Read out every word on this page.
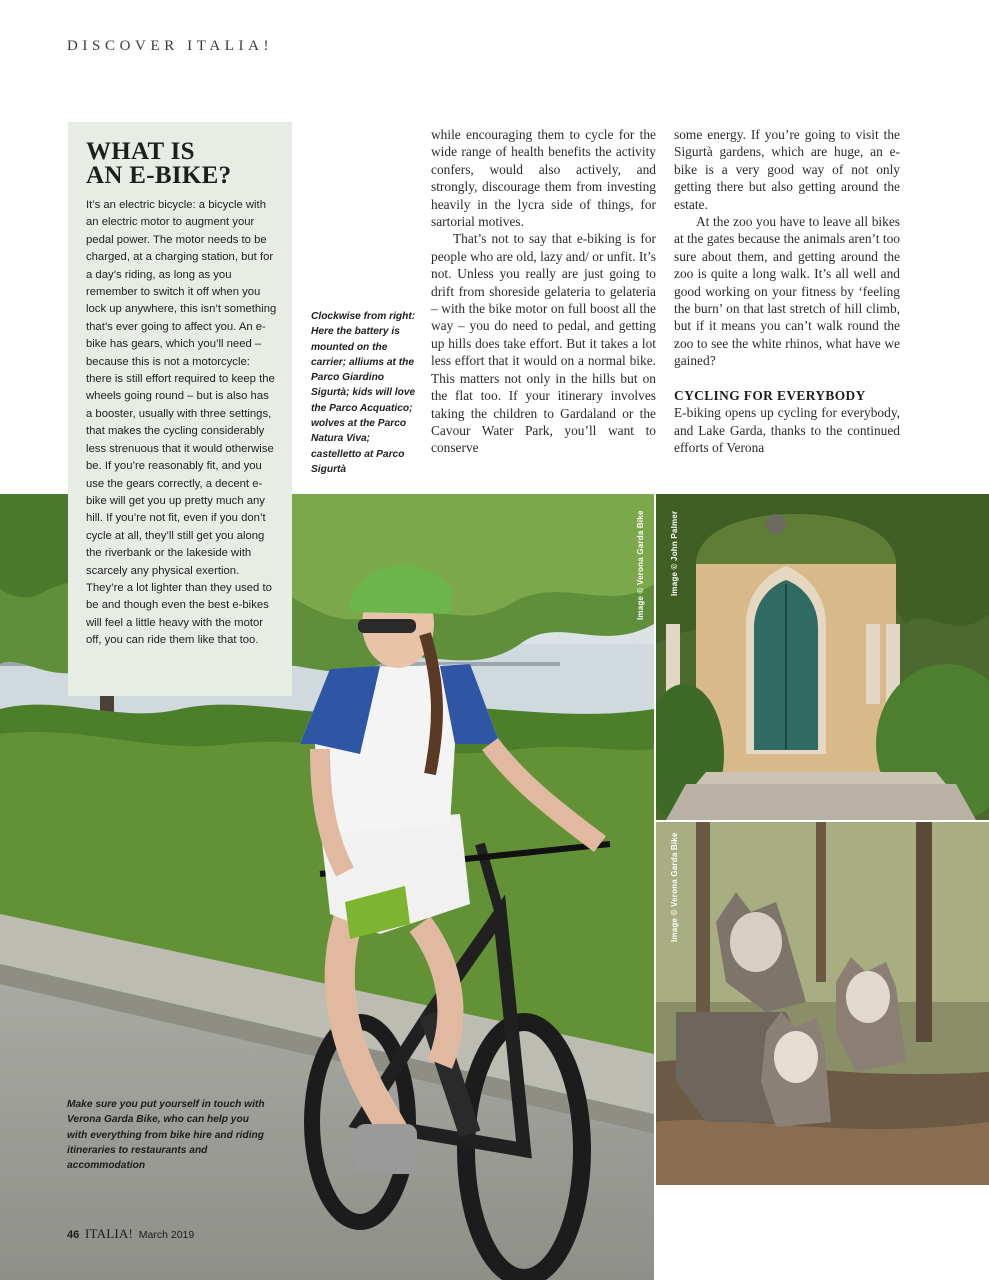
DISCOVER ITALIA!
Image © Verona Garda Bike	Image © John Palmer
Image © Verona Garda Bike
WHAT IS
AN E-BIKE?

It’s an electric bicycle: a bicycle with an electric motor to augment your pedal power. The motor needs to be charged, at a charging station, but for a day’s riding, as long as you remember to switch it off when you lock up anywhere, this isn’t something that’s ever going to affect you. An e-bike has gears, which you’ll need – because this is not a motorcycle: there is still effort required to keep the wheels going round – but is also has a booster, usually with three settings, that makes the cycling considerably less strenuous that it would otherwise be. If you’re reasonably fit, and you use the gears correctly, a decent e-bike will get you up pretty much any hill. If you’re not fit, even if you don’t cycle at all, they’ll still get you along the riverbank or the lakeside with scarcely any physical exertion. They’re a lot lighter than they used to be and though even the best e-bikes will feel a little heavy with the motor off, you can ride them like that too.

Clockwise from right: Here the battery is mounted on the carrier; alliums at the Parco Giardino Sigurtà; kids will love the Parco Acquatico; wolves at the Parco Natura Viva; castelletto at Parco Sigurtà

Make sure you put yourself in touch with Verona Garda Bike, who can help you with everything from bike hire and riding itineraries to restaurants and accommodation

while encouraging them to cycle for the wide range of health benefits the activity confers, would also actively, and strongly, discourage them from investing heavily in the lycra side of things, for sartorial motives.

That’s not to say that e-biking is for people who are old, lazy and/ or unfit. It’s not. Unless you really are just going to drift from shoreside gelateria to gelateria – with the bike motor on full boost all the way – you do need to pedal, and getting up hills does take effort. But it takes a lot less effort that it would on a normal bike. This matters not only in the hills but on the flat too. If your itinerary involves taking the children to Gardaland or the Cavour Water Park, you’ll want to conserve

some energy. If you’re going to visit the Sigurtà gardens, which are huge, an e-bike is a very good way of not only getting there but also getting around the estate.

At the zoo you have to leave all bikes at the gates because the animals aren’t too sure about them, and getting around the zoo is quite a long walk. It’s all well and good working on your fitness by ‘feeling the burn’ on that last stretch of hill climb, but if it means you can’t walk round the zoo to see the white rhinos, what have we gained?

CYCLING FOR EVERYBODY

E-biking opens up cycling for everybody, and Lake Garda, thanks to the continued efforts of Verona

46 ITALIA! March 2019
